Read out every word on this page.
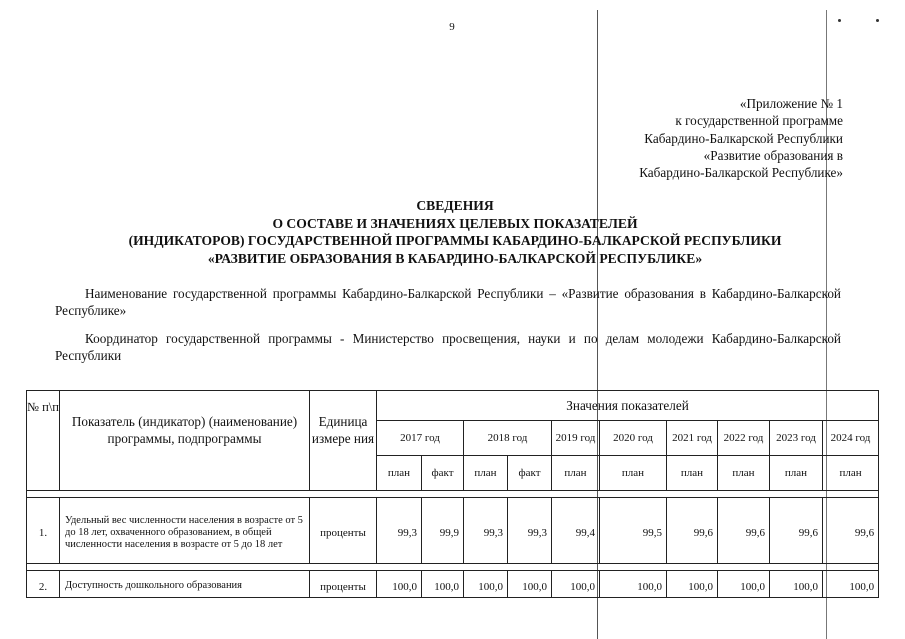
9
«Приложение № 1
к государственной программе
Кабардино-Балкарской Республики
«Развитие образования в
Кабардино-Балкарской Республике»
СВЕДЕНИЯ
О СОСТАВЕ И ЗНАЧЕНИЯХ ЦЕЛЕВЫХ ПОКАЗАТЕЛЕЙ
(ИНДИКАТОРОВ) ГОСУДАРСТВЕННОЙ ПРОГРАММЫ КАБАРДИНО-БАЛКАРСКОЙ РЕСПУБЛИКИ
«РАЗВИТИЕ ОБРАЗОВАНИЯ В КАБАРДИНО-БАЛКАРСКОЙ РЕСПУБЛИКЕ»
Наименование государственной программы Кабардино-Балкарской Республики – «Развитие образования в Кабардино-Балкарской Республике»
Координатор государственной программы - Министерство просвещения, науки и по делам молодежи Кабардино-Балкарской Республики
№ п\п	Показатель (индикатор) (наименование) программы, подпрограммы	Единица измере ния	Значения показателей									
			2017 год		2018 год		2019 год	2020 год	2021 год	2022 год	2023 год	2024 год
			план	факт	план	факт	план	план	план	план	план	план

1.	Удельный вес численности населения в возрасте от 5 до 18 лет, охваченного образованием, в общей численности населения в возрасте от 5 до 18 лет	проценты	99,3	99,9	99,3	99,3	99,4	99,5	99,6	99,6	99,6	99,6

2.	Доступность дошкольного образования	проценты	100,0	100,0	100,0	100,0	100,0	100,0	100,0	100,0	100,0	100,0
